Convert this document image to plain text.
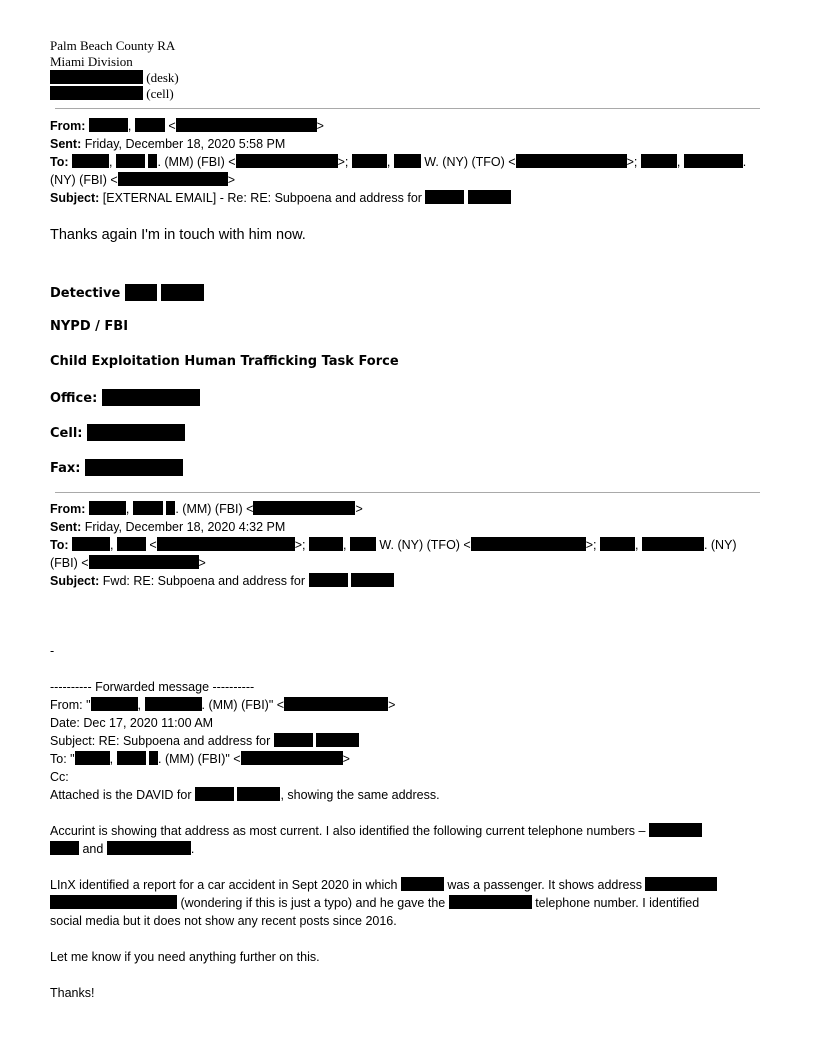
Palm Beach County RA
Miami Division
(desk)
(cell)
From:	,  <	>
Sent: Friday, December 18, 2020 5:58 PM
To:	,	. (MM) (FBI) <	>;	,  W. (NY) (TFO) <	>;	,	.
(NY) (FBI) <	>
Subject: [EXTERNAL EMAIL] - Re: RE: Subpoena and address for
Thanks again I'm in touch with him now.
Detective
NYPD / FBI
Child Exploitation Human Trafficking Task Force
Office:
Cell:
Fax:
From:	,	. (MM) (FBI) <	>
Sent: Friday, December 18, 2020 4:32 PM
To:	,  <	>;	,  W. (NY) (TFO) <	>;	,	. (NY)
(FBI) <	>
Subject: Fwd: RE: Subpoena and address for
-
---------- Forwarded message ----------
From: "	,	. (MM) (FBI)" <	>
Date: Dec 17, 2020 11:00 AM
Subject: RE: Subpoena and address for
To: "	,	. (MM) (FBI)" <	>
Cc:
Attached is the DAVID for	, showing the same address.
Accurint is showing that address as most current. I also identified the following current telephone numbers –
and	.
LInX identified a report for a car accident in Sept 2020 in which	was a passenger. It shows address
(wondering if this is just a typo) and he gave the	telephone number. I identified
social media but it does not show any recent posts since 2016.
Let me know if you need anything further on this.
Thanks!
